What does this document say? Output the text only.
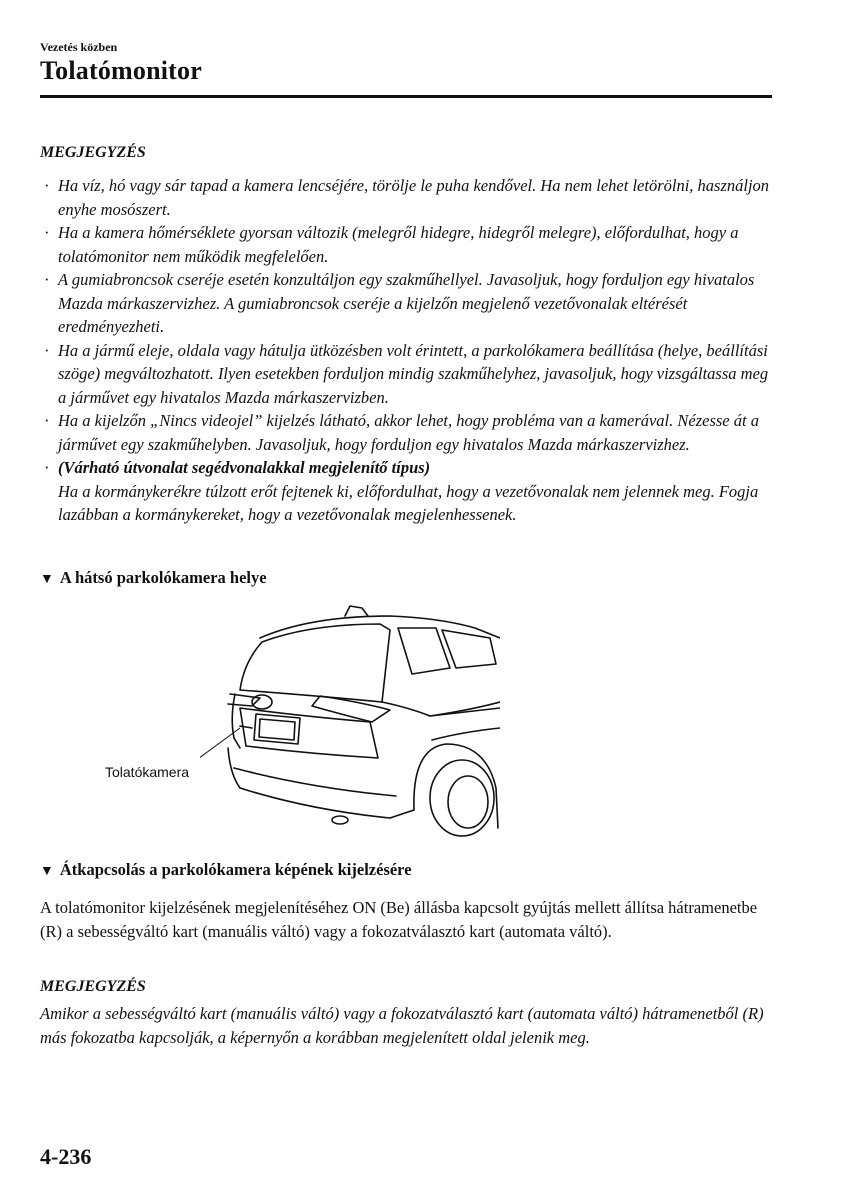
Vezetés közben
Tolatómonitor
MEGJEGYZÉS
· Ha víz, hó vagy sár tapad a kamera lencséjére, törölje le puha kendővel. Ha nem lehet letörölni, használjon enyhe mosószert.
· Ha a kamera hőmérséklete gyorsan változik (melegről hidegre, hidegről melegre), előfordulhat, hogy a tolatómonitor nem működik megfelelően.
· A gumiabroncsok cseréje esetén konzultáljon egy szakműhellyel. Javasoljuk, hogy forduljon egy hivatalos Mazda márkaszervizhez. A gumiabroncsok cseréje a kijelzőn megjelenő vezetővonalak eltérését eredményezheti.
· Ha a jármű eleje, oldala vagy hátulja ütközésben volt érintett, a parkolókamera beállítása (helye, beállítási szöge) megváltozhatott. Ilyen esetekben forduljon mindig szakműhelyhez, javasoljuk, hogy vizsgáltassa meg a járművet egy hivatalos Mazda márkaszervizben.
· Ha a kijelzőn „Nincs videojel” kijelzés látható, akkor lehet, hogy probléma van a kamerával. Nézesse át a járművet egy szakműhelyben. Javasoljuk, hogy forduljon egy hivatalos Mazda márkaszervizhez.
· (Várható útvonalat segédvonalakkal megjelenítő típus)
Ha a kormánykerékre túlzott erőt fejtenek ki, előfordulhat, hogy a vezetővonalak nem jelennek meg. Fogja lazábban a kormánykereket, hogy a vezetővonalak megjelenhessenek.
▼ A hátsó parkolókamera helye
Tolatókamera
▼ Átkapcsolás a parkolókamera képének kijelzésére

A tolatómonitor kijelzésének megjelenítéséhez ON (Be) állásba kapcsolt gyújtás mellett állítsa hátramenetbe (R) a sebességváltó kart (manuális váltó) vagy a fokozatválasztó kart (automata váltó).

MEGJEGYZÉS

Amikor a sebességváltó kart (manuális váltó) vagy a fokozatválasztó kart (automata váltó) hátramenetből (R) más fokozatba kapcsolják, a képernyőn a korábban megjelenített oldal jelenik meg.

4-236
